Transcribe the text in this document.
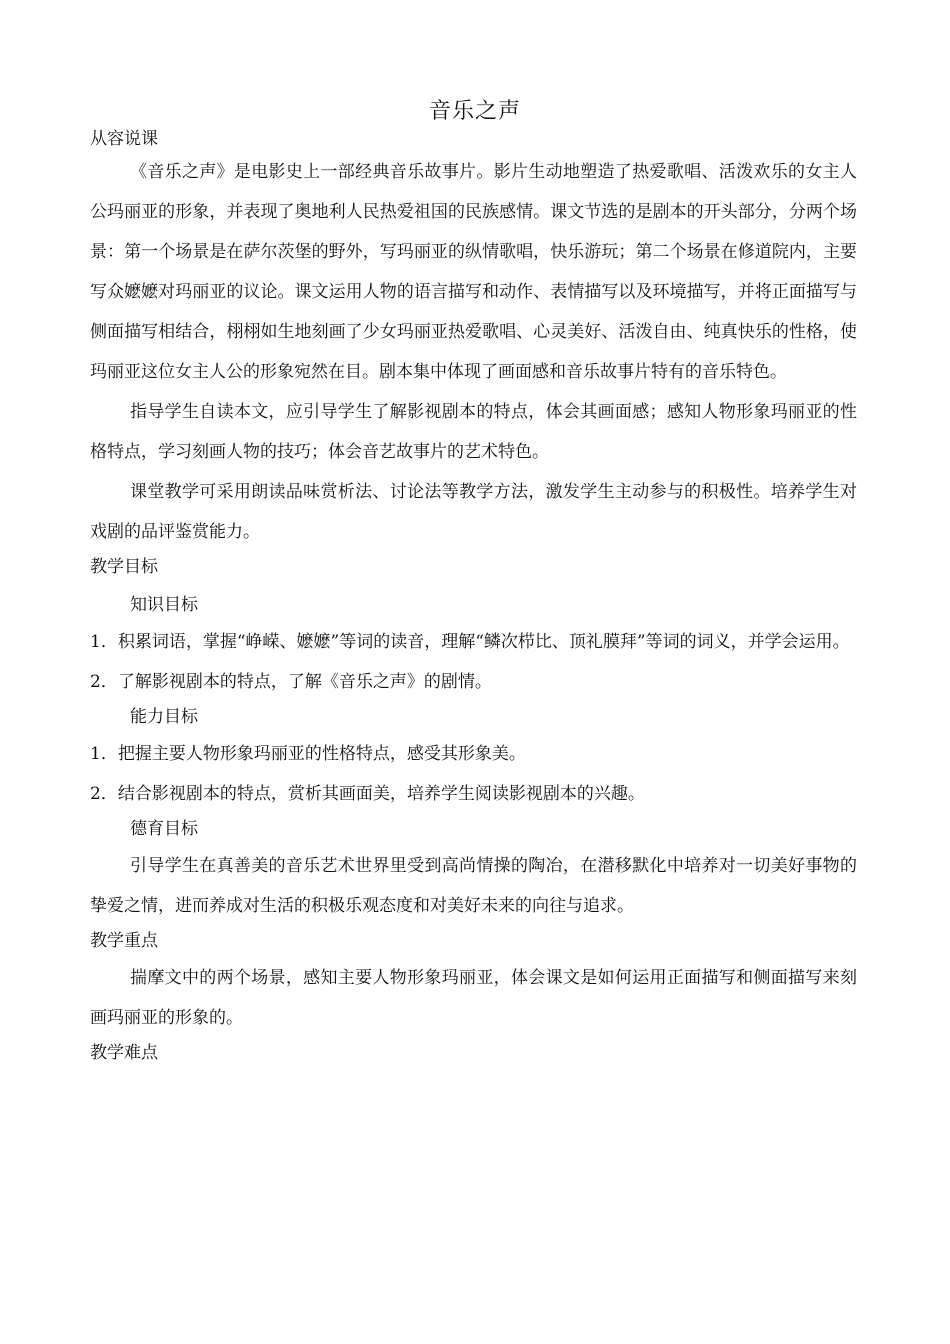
音乐之声
从容说课

《音乐之声》是电影史上一部经典音乐故事片。影片生动地塑造了热爱歌唱、活泼欢乐的女主人公玛丽亚的形象，并表现了奥地利人民热爱祖国的民族感情。课文节选的是剧本的开头部分，分两个场景：第一个场景是在萨尔茨堡的野外，写玛丽亚的纵情歌唱，快乐游玩；第二个场景在修道院内，主要写众嬷嬷对玛丽亚的议论。课文运用人物的语言描写和动作、表情描写以及环境描写，并将正面描写与侧面描写相结合，栩栩如生地刻画了少女玛丽亚热爱歌唱、心灵美好、活泼自由、纯真快乐的性格，使玛丽亚这位女主人公的形象宛然在目。剧本集中体现了画面感和音乐故事片特有的音乐特色。

指导学生自读本文，应引导学生了解影视剧本的特点，体会其画面感；感知人物形象玛丽亚的性格特点，学习刻画人物的技巧；体会音艺故事片的艺术特色。

课堂教学可采用朗读品味赏析法、讨论法等教学方法，激发学生主动参与的积极性。培养学生对戏剧的品评鉴赏能力。

教学目标
知识目标

1．积累词语，掌握“峥嵘、嬷嬷”等词的读音，理解“鳞次栉比、顶礼膜拜”等词的词义，并学会运用。

2．了解影视剧本的特点，了解《音乐之声》的剧情。

能力目标

1．把握主要人物形象玛丽亚的性格特点，感受其形象美。

2．结合影视剧本的特点，赏析其画面美，培养学生阅读影视剧本的兴趣。

德育目标

引导学生在真善美的音乐艺术世界里受到高尚情操的陶冶，在潜移默化中培养对一切美好事物的挚爱之情，进而养成对生活的积极乐观态度和对美好未来的向往与追求。

教学重点

揣摩文中的两个场景，感知主要人物形象玛丽亚，体会课文是如何运用正面描写和侧面描写来刻画玛丽亚的形象的。

教学难点
